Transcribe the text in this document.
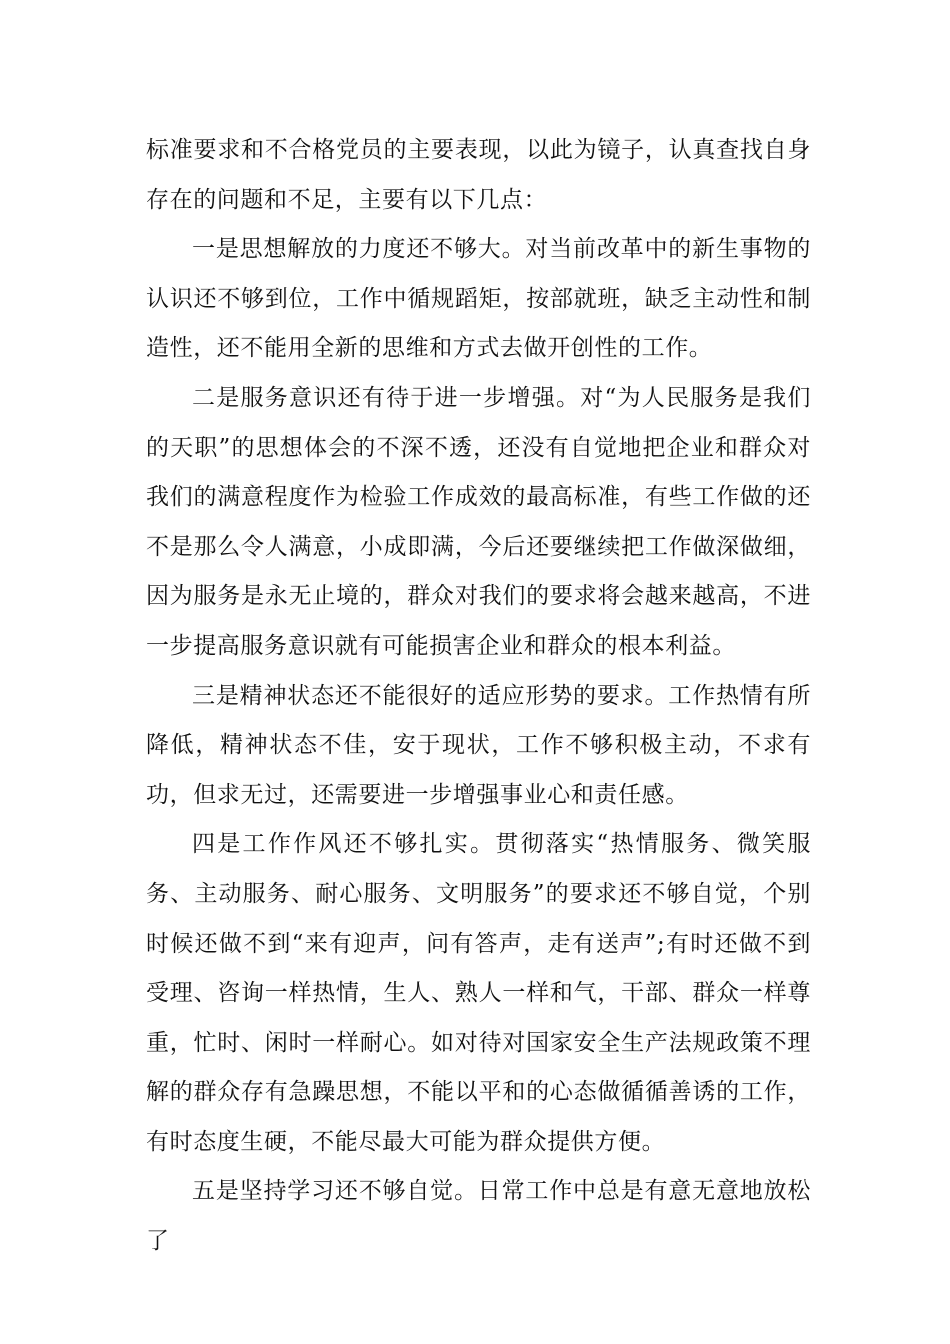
标准要求和不合格党员的主要表现，以此为镜子，认真查找自身存在的问题和不足，主要有以下几点：

一是思想解放的力度还不够大。对当前改革中的新生事物的认识还不够到位，工作中循规蹈矩，按部就班，缺乏主动性和制造性，还不能用全新的思维和方式去做开创性的工作。

二是服务意识还有待于进一步增强。对“为人民服务是我们的天职”的思想体会的不深不透，还没有自觉地把企业和群众对我们的满意程度作为检验工作成效的最高标准，有些工作做的还不是那么令人满意，小成即满，今后还要继续把工作做深做细，因为服务是永无止境的，群众对我们的要求将会越来越高，不进一步提高服务意识就有可能损害企业和群众的根本利益。

三是精神状态还不能很好的适应形势的要求。工作热情有所降低，精神状态不佳，安于现状，工作不够积极主动，不求有功，但求无过，还需要进一步增强事业心和责任感。

四是工作作风还不够扎实。贯彻落实“热情服务、微笑服务、主动服务、耐心服务、文明服务”的要求还不够自觉，个别时候还做不到“来有迎声，问有答声，走有送声”;有时还做不到受理、咨询一样热情，生人、熟人一样和气，干部、群众一样尊重，忙时、闲时一样耐心。如对待对国家安全生产法规政策不理解的群众存有急躁思想，不能以平和的心态做循循善诱的工作，有时态度生硬，不能尽最大可能为群众提供方便。

五是坚持学习还不够自觉。日常工作中总是有意无意地放松了
